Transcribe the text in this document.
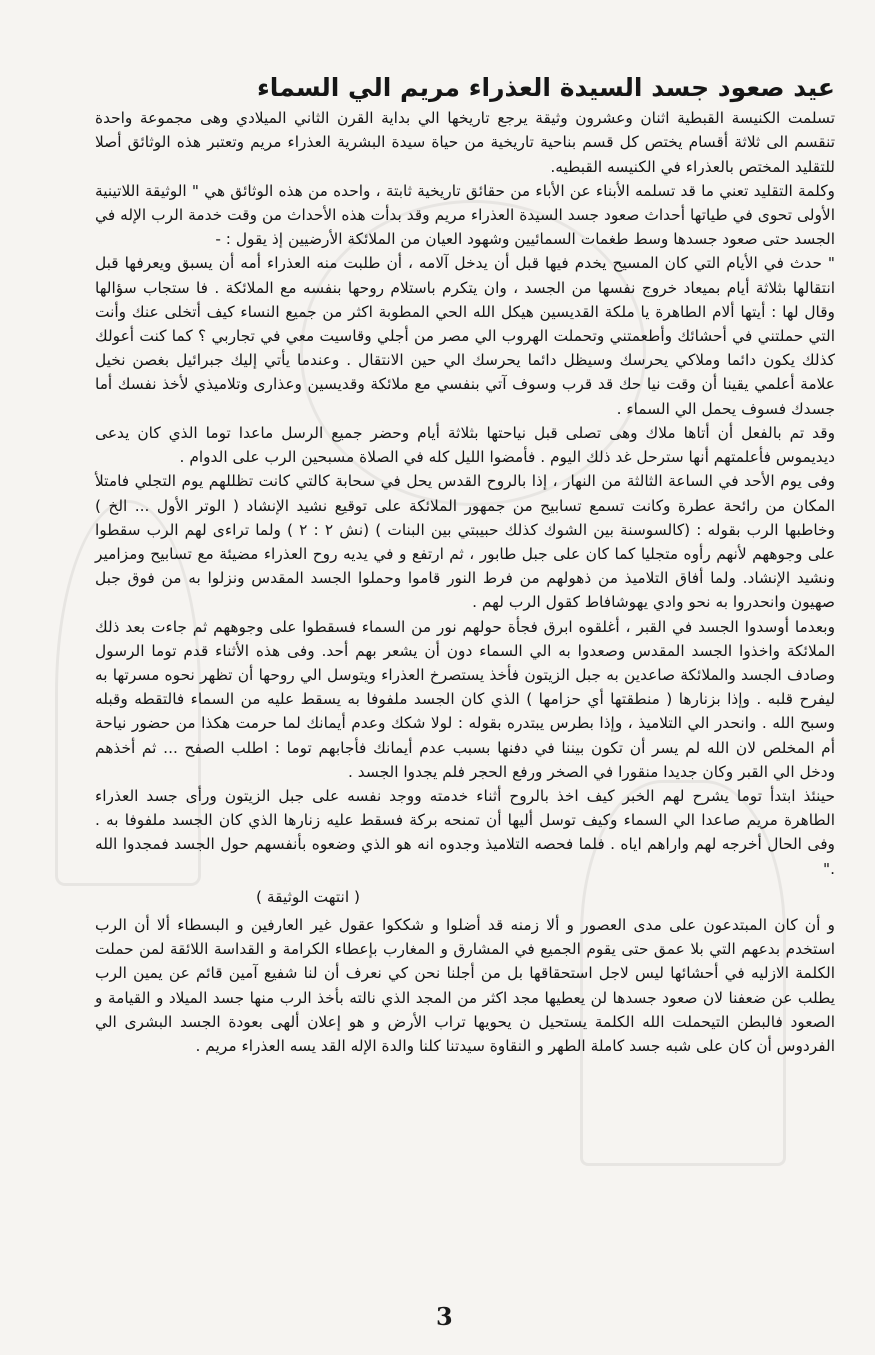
عيد صعود جسد السيدة العذراء مريم الي السماء

تسلمت الكنيسة القبطية اثنان وعشرون وثيقة يرجع تاريخها الي بداية القرن الثاني الميلادي وهى مجموعة واحدة تنقسم الى ثلاثة أقسام يختص كل قسم بناحية تاريخية من حياة سيدة البشرية العذراء مريم وتعتبر هذه الوثائق أصلا للتقليد المختص بالعذراء في الكنيسه القبطيه.

وكلمة التقليد تعني ما قد تسلمه الأبناء عن الأباء من حقائق تاريخية ثابتة ، واحده من هذه الوثائق هي " الوثيقة اللاتينية الأولى تحوى في طياتها أحداث صعود جسد السيدة العذراء مريم وقد بدأت هذه الأحداث من وقت خدمة الرب الإله في الجسد حتى صعود جسدها وسط طغمات السمائيين وشهود العيان من الملائكة الأرضيين إذ يقول : -

" حدث في الأيام التي كان المسيح يخدم فيها قبل أن يدخل آلامه ، أن طلبت منه العذراء أمه أن يسبق ويعرفها قبل انتقالها بثلاثة أيام بميعاد خروج نفسها من الجسد ، وان يتكرم باستلام روحها بنفسه مع الملائكة . فا ستجاب سؤالها وقال لها : أيتها ألام الطاهرة يا ملكة القديسين هيكل الله الحي المطوبة اكثر من جميع النساء كيف أتخلى عنك وأنت التي حملتني في أحشائك وأطعمتني وتحملت الهروب الي مصر من أجلي وقاسيت معي في تجاربي ؟ كما كنت أعولك كذلك يكون دائما وملاكي يحرسك وسيظل دائما يحرسك الي حين الانتقال . وعندما يأتي إليك جبرائيل بغصن نخيل علامة أعلمي يقينا أن وقت نيا حك قد قرب وسوف آتي بنفسي مع ملائكة وقديسين وعذارى وتلاميذي لأخذ نفسك أما جسدك فسوف يحمل الي السماء .

وقد تم بالفعل أن أتاها ملاك وهى تصلى قبل نياحتها بثلاثة أيام وحضر جميع الرسل ماعدا توما الذي كان يدعى ديديموس فأعلمتهم أنها سترحل غد ذلك اليوم . فأمضوا الليل كله في الصلاة مسبحين الرب على الدوام .

وفى يوم الأحد في الساعة الثالثة من النهار ، إذا بالروح القدس يحل في سحابة كالتي كانت تظللهم يوم التجلي فامتلأ المكان من رائحة عطرة وكانت تسمع تسابيح من جمهور الملائكة على توقيع نشيد الإنشاد ( الوتر الأول ... الخ ) وخاطبها الرب بقوله : (كالسوسنة بين الشوك كذلك حبيبتي بين البنات ) (نش ٢ : ٢ ) ولما تراءى لهم الرب سقطوا على وجوههم لأنهم رأوه متجليا كما كان على جبل طابور ، ثم ارتفع و في يديه روح العذراء مضيئة مع تسابيح ومزامير ونشيد الإنشاد. ولما أفاق التلاميذ من ذهولهم من فرط النور قاموا وحملوا الجسد المقدس ونزلوا به من فوق جبل صهيون وانحدروا به نحو وادي يهوشافاط كقول الرب لهم .

وبعدما أوسدوا الجسد في القبر ، أغلقوه ابرق فجأة حولهم نور من السماء فسقطوا على وجوههم ثم جاءت بعد ذلك الملائكة واخذوا الجسد المقدس وصعدوا به الي السماء دون أن يشعر بهم أحد. وفى هذه الأثناء قدم توما الرسول وصادف الجسد والملائكة صاعدين به جبل الزيتون فأخذ يستصرخ العذراء ويتوسل الي روحها أن تظهر نحوه مسرتها به ليفرح قلبه . وإذا بزنارها ( منطقتها أي حزامها ) الذي كان الجسد ملفوفا به يسقط عليه من السماء فالتقطه وقبله وسبح الله . وانحدر الي التلاميذ ، وإذا بطرس يبتدره بقوله : لولا شكك وعدم أيمانك لما حرمت هكذا من حضور نياحة أم المخلص لان الله لم يسر أن تكون بيننا في دفنها بسبب عدم أيمانك فأجابهم توما : اطلب الصفح ... ثم أخذهم ودخل الي القبر وكان جديدا منقورا في الصخر ورفع الحجر فلم يجدوا الجسد .

حينئذ ابتدأ توما يشرح لهم الخبر كيف اخذ بالروح أثناء خدمته ووجد نفسه على جبل الزيتون ورأى جسد العذراء الطاهرة مريم صاعدا الي السماء وكيف توسل أليها أن تمنحه بركة فسقط عليه زنارها الذي كان الجسد ملفوفا به . وفى الحال أخرجه لهم واراهم اياه . فلما فحصه التلاميذ وجدوه انه هو الذي وضعوه بأنفسهم حول الجسد فمجدوا الله ."

( انتهت الوثيقة )

و أن كان المبتدعون على مدى العصور و ألا زمنه قد أضلوا و شككوا عقول غير العارفين و البسطاء ألا أن الرب استخدم بدعهم التي بلا عمق حتى يقوم الجميع في المشارق و المغارب بإعطاء الكرامة و القداسة اللائقة لمن حملت الكلمة الازليه في أحشائها ليس لاجل استحقاقها بل من أجلنا نحن كي نعرف أن لنا شفيع آمين قائم عن يمين الرب يطلب عن ضعفنا لان صعود جسدها لن يعطيها مجد اكثر من المجد الذي نالته بأخذ الرب منها جسد الميلاد و القيامة و الصعود فالبطن التيحملت الله الكلمة يستحيل ن يحويها تراب الأرض و هو إعلان ألهى بعودة الجسد البشرى الي الفردوس أن كان على شبه جسد كاملة الطهر و النقاوة سيدتنا كلنا والدة الإله القد يسه العذراء مريم .

3
